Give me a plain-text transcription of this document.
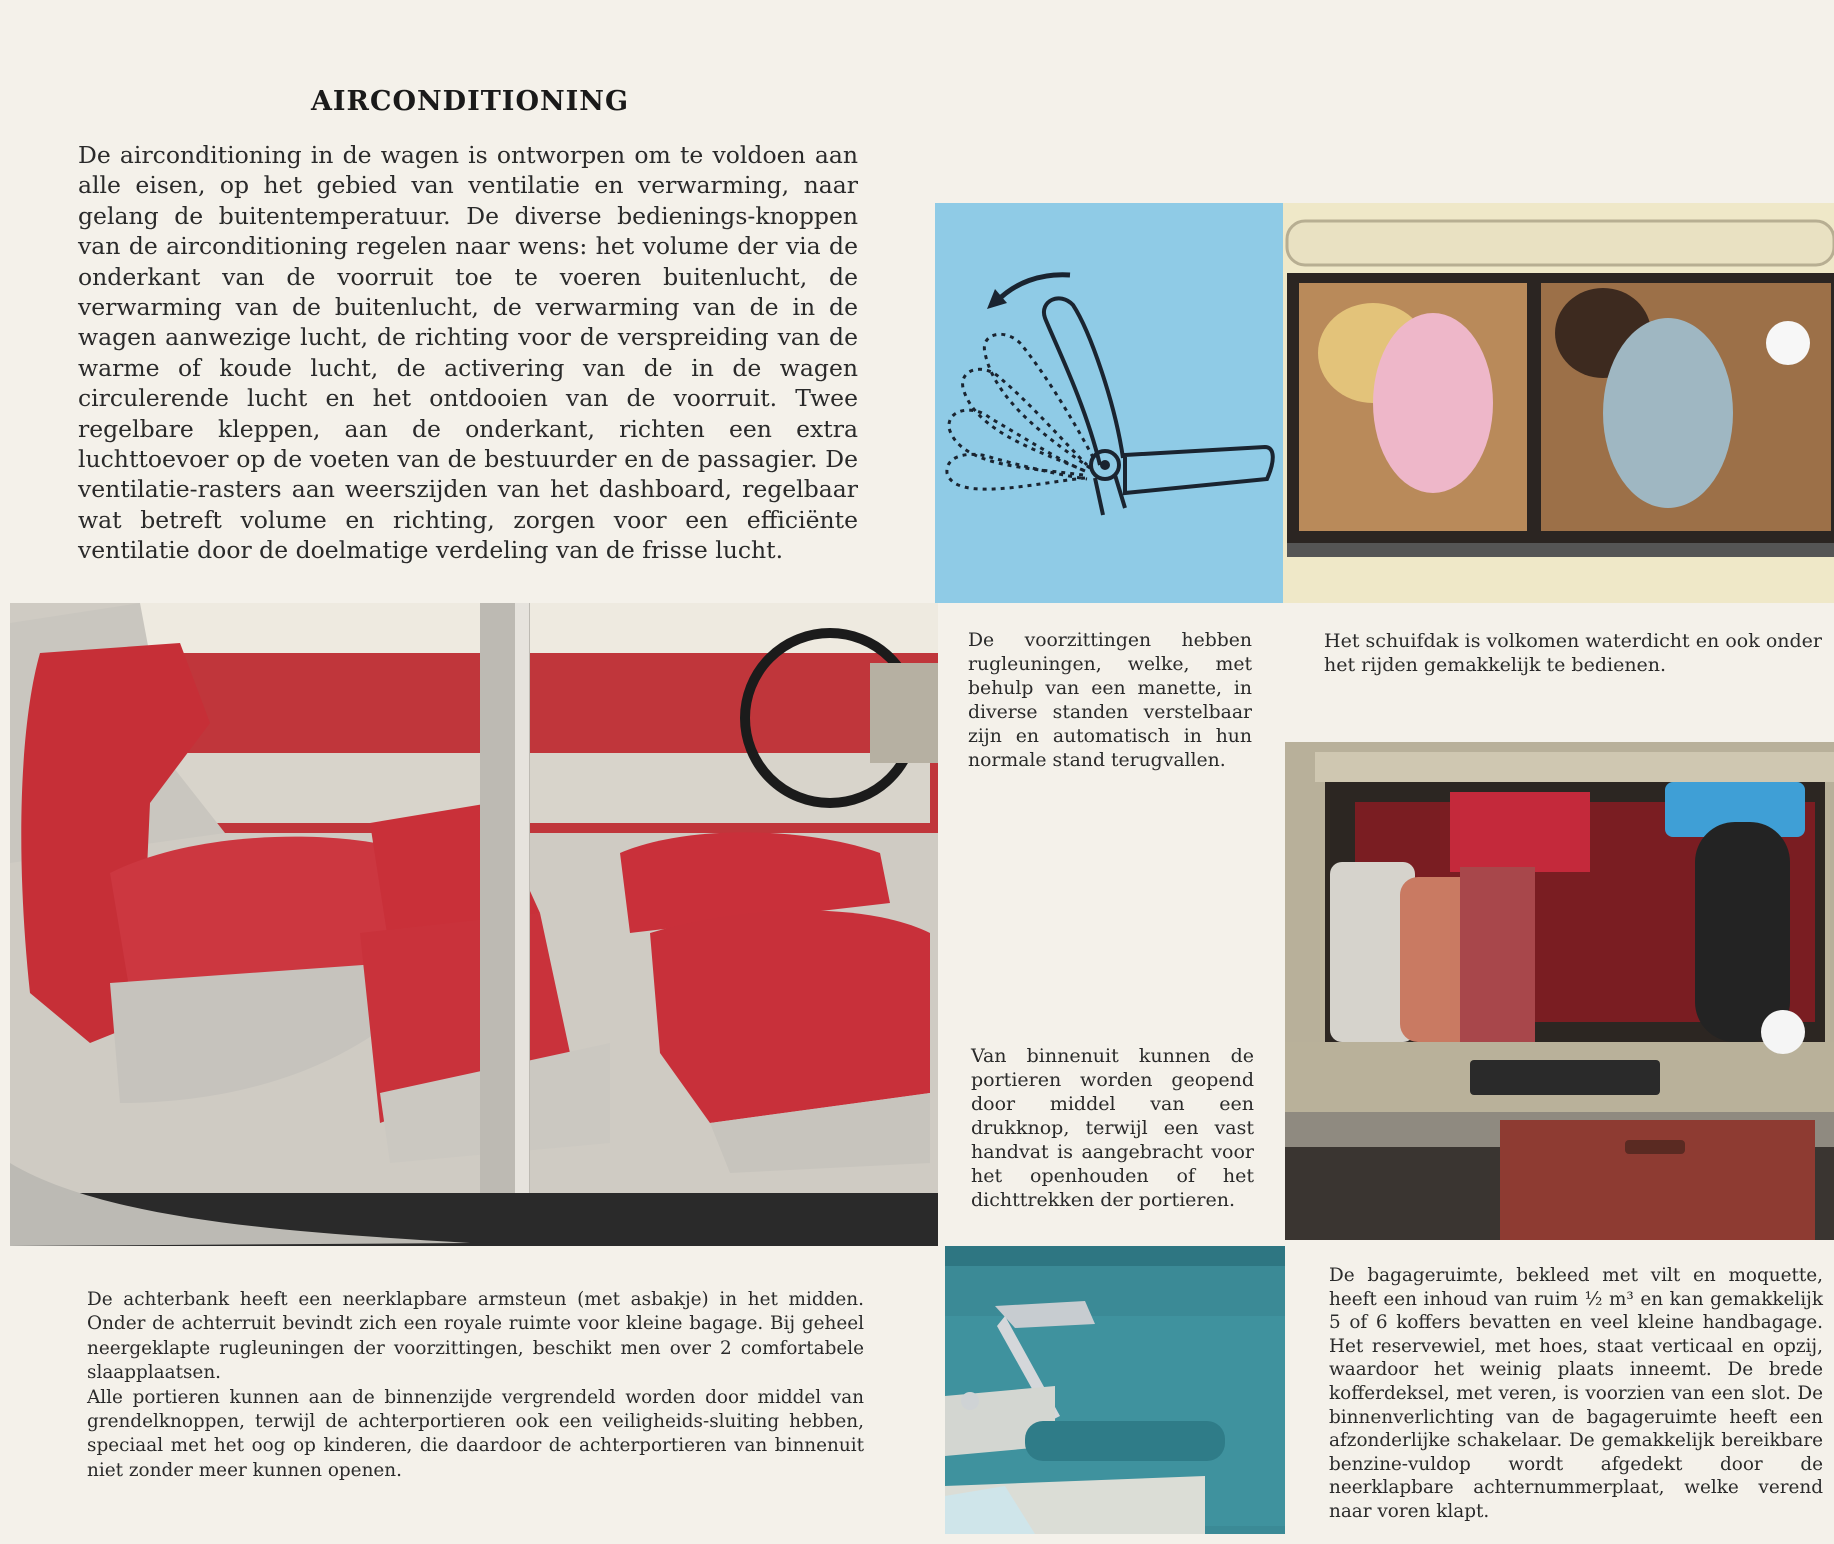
AIRCONDITIONING
De airconditioning in de wagen is ontworpen om te voldoen aan alle eisen, op het gebied van ventilatie en verwarming, naar gelang de buitentemperatuur. De diverse bedienings-knoppen van de airconditioning regelen naar wens: het volume der via de onderkant van de voorruit toe te voeren buitenlucht, de verwarming van de buitenlucht, de verwarming van de in de wagen aanwezige lucht, de richting voor de verspreiding van de warme of koude lucht, de activering van de in de wagen circulerende lucht en het ontdooien van de voorruit. Twee regelbare kleppen, aan de onderkant, richten een extra luchttoevoer op de voeten van de bestuurder en de passagier. De ventilatie-rasters aan weerszijden van het dashboard, regelbaar wat betreft volume en richting, zorgen voor een efficiënte ventilatie door de doelmatige verdeling van de frisse lucht.
De voorzittingen hebben rugleuningen, welke, met behulp van een manette, in diverse standen verstelbaar zijn en automatisch in hun normale stand terugvallen.
Het schuifdak is volkomen waterdicht en ook onder het rijden gemakkelijk te bedienen.
Van binnenuit kunnen de portieren worden geopend door middel van een drukknop, terwijl een vast handvat is aangebracht voor het openhouden of het dichttrekken der portieren.
De achterbank heeft een neerklapbare armsteun (met asbakje) in het midden. Onder de achterruit bevindt zich een royale ruimte voor kleine bagage. Bij geheel neergeklapte rugleuningen der voorzittingen, beschikt men over 2 comfortabele slaapplaatsen.
Alle portieren kunnen aan de binnenzijde vergrendeld worden door middel van grendelknoppen, terwijl de achterportieren ook een veiligheids-sluiting hebben, speciaal met het oog op kinderen, die daardoor de achterportieren van binnenuit niet zonder meer kunnen openen.
De bagageruimte, bekleed met vilt en moquette, heeft een inhoud van ruim ½ m³ en kan gemakkelijk 5 of 6 koffers bevatten en veel kleine handbagage. Het reservewiel, met hoes, staat verticaal en opzij, waardoor het weinig plaats inneemt. De brede kofferdeksel, met veren, is voorzien van een slot. De binnenverlichting van de bagageruimte heeft een afzonderlijke schakelaar. De gemakkelijk bereikbare benzine-vuldop wordt afgedekt door de neerklapbare achternummerplaat, welke verend naar voren klapt.
